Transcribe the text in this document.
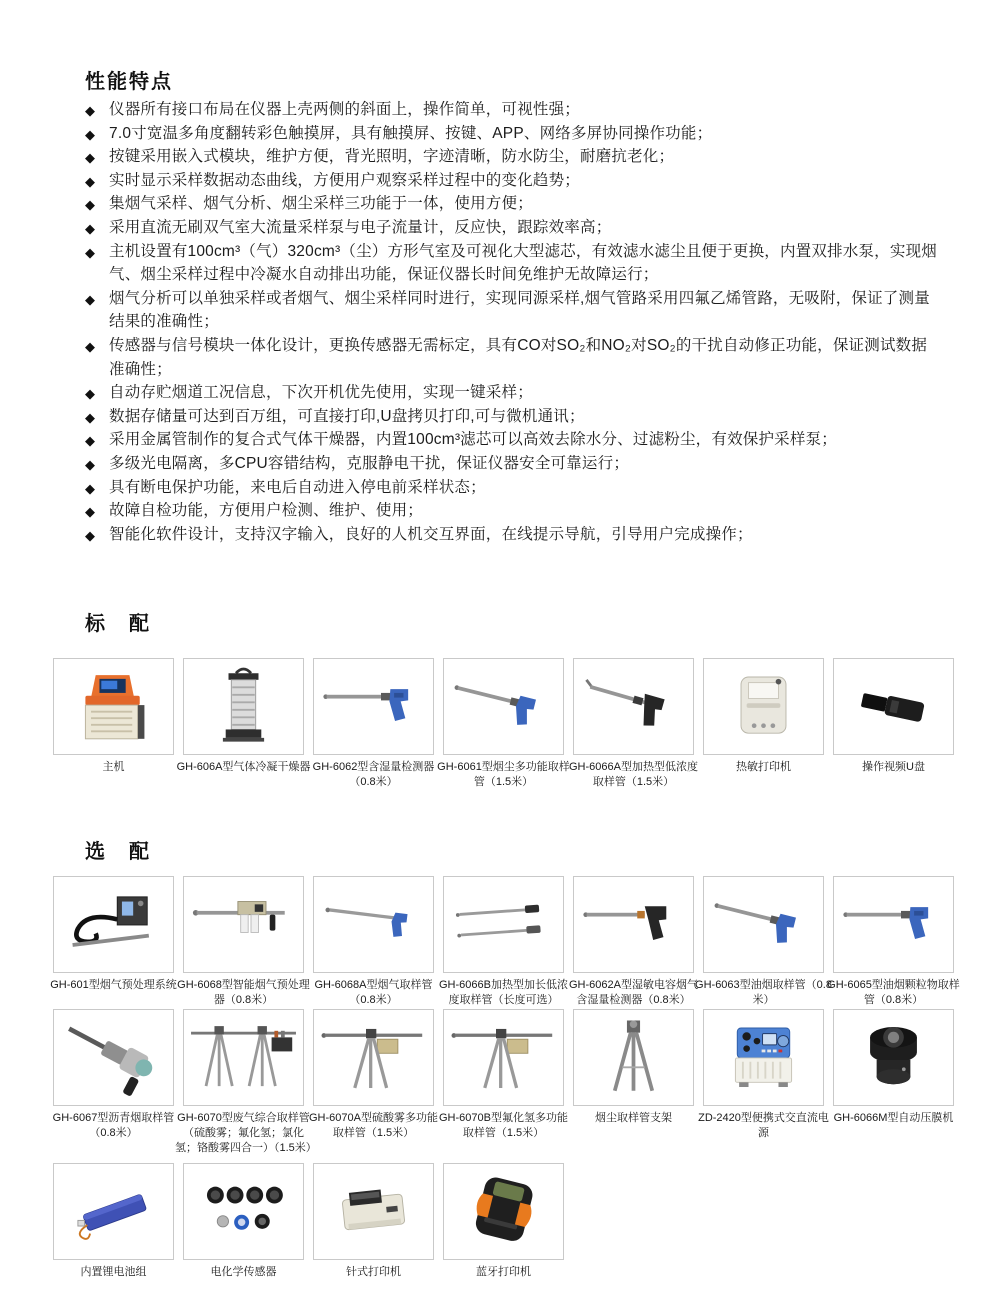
性能特点
◆ 仪器所有接口布局在仪器上壳两侧的斜面上，操作简单，可视性强；
◆ 7.0寸宽温多角度翻转彩色触摸屏，具有触摸屏、按键、APP、网络多屏协同操作功能；
◆ 按键采用嵌入式模块，维护方便，背光照明，字迹清晰，防水防尘，耐磨抗老化；
◆ 实时显示采样数据动态曲线，方便用户观察采样过程中的变化趋势；
◆ 集烟气采样、烟气分析、烟尘采样三功能于一体，使用方便；
◆ 采用直流无刷双气室大流量采样泵与电子流量计，反应快，跟踪效率高；
◆ 主机设置有100cm³（气）320cm³（尘）方形气室及可视化大型滤芯，有效滤水滤尘且便于更换，内置双排水泵，实现烟气、烟尘采样过程中冷凝水自动排出功能，保证仪器长时间免维护无故障运行；
◆ 烟气分析可以单独采样或者烟气、烟尘采样同时进行，实现同源采样,烟气管路采用四氟乙烯管路，无吸附，保证了测量结果的准确性；
◆ 传感器与信号模块一体化设计，更换传感器无需标定，具有CO对SO₂和NO₂对SO₂的干扰自动修正功能，保证测试数据准确性；
◆ 自动存贮烟道工况信息，下次开机优先使用，实现一键采样；
◆ 数据存储量可达到百万组，可直接打印,U盘拷贝打印,可与微机通讯；
◆ 采用金属管制作的复合式气体干燥器，内置100cm³滤芯可以高效去除水分、过滤粉尘，有效保护采样泵；
◆ 多级光电隔离，多CPU容错结构，克服静电干扰，保证仪器安全可靠运行；
◆ 具有断电保护功能，来电后自动进入停电前采样状态；
◆ 故障自检功能，方便用户检测、维护、使用；
◆ 智能化软件设计，支持汉字输入，良好的人机交互界面，在线提示导航，引导用户完成操作；
标　配
主机	GH-606A型气体冷凝干燥器 GH-6062型含湿量检测器（0.8米）
GH-6061型烟尘多功能取样管（1.5米）
GH-6066A型加热型低浓度取样管（1.5米）
热敏打印机	操作视频U盘
选　配
GH-601型烟气预处理系统 GH-6068型智能烟气预处理器（0.8米）
GH-6068A型烟气取样管（0.8米）
GH-6066B加热型加长低浓度取样管（长度可选）
GH-6062A型湿敏电容烟气含湿量检测器（0.8米）
GH-6063型油烟取样管（0.8米）
GH-6065型油烟颗粒物取样管（0.8米）
GH-6067型沥青烟取样管（0.8米）
GH-6070型废气综合取样管（硫酸雾；氟化氢；氯化氢；铬酸雾四合一）（1.5米）
GH-6070A型硫酸雾多功能取样管（1.5米）
GH-6070B型氟化氢多功能取样管（1.5米）
烟尘取样管支架	ZD-2420型便携式交直流电源
GH-6066M型自动压膜机
内置锂电池组	电化学传感器	针式打印机	蓝牙打印机
